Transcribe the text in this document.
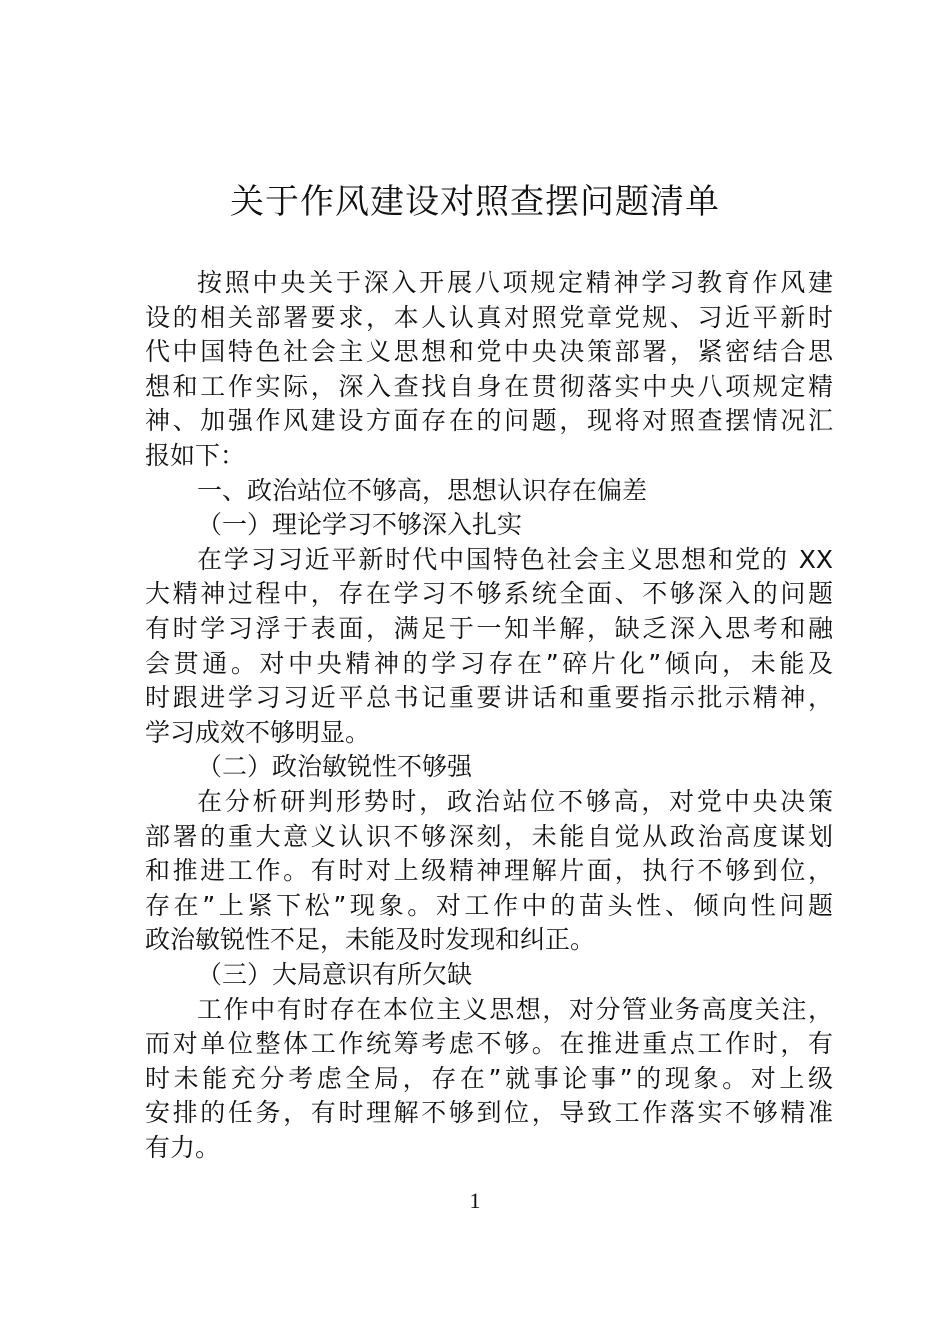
关于作风建设对照查摆问题清单
按照中央关于深入开展八项规定精神学习教育作风建
设的相关部署要求，本人认真对照党章党规、习近平新时
代中国特色社会主义思想和党中央决策部署，紧密结合思
想和工作实际，深入查找自身在贯彻落实中央八项规定精
神、加强作风建设方面存在的问题，现将对照查摆情况汇
报如下：
一、政治站位不够高，思想认识存在偏差
（一）理论学习不够深入扎实
在学习习近平新时代中国特色社会主义思想和党的 XX
大精神过程中，存在学习不够系统全面、不够深入的问题
有时学习浮于表面，满足于一知半解，缺乏深入思考和融
会贯通。对中央精神的学习存在”碎片化”倾向，未能及
时跟进学习习近平总书记重要讲话和重要指示批示精神，
学习成效不够明显。
（二）政治敏锐性不够强
在分析研判形势时，政治站位不够高，对党中央决策
部署的重大意义认识不够深刻，未能自觉从政治高度谋划
和推进工作。有时对上级精神理解片面，执行不够到位，
存在”上紧下松”现象。对工作中的苗头性、倾向性问题
政治敏锐性不足，未能及时发现和纠正。
（三）大局意识有所欠缺
工作中有时存在本位主义思想，对分管业务高度关注，
而对单位整体工作统筹考虑不够。在推进重点工作时，有
时未能充分考虑全局，存在”就事论事”的现象。对上级
安排的任务，有时理解不够到位，导致工作落实不够精准
有力。
1
